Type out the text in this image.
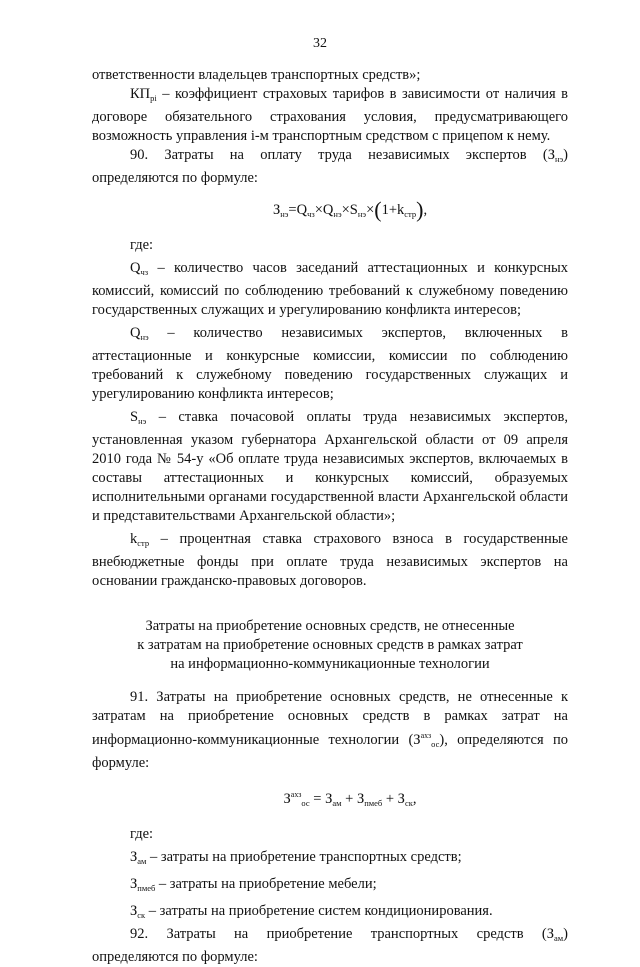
32

ответственности владельцев транспортных средств»;

$КП_{pi}$ – коэффициент страховых тарифов в зависимости от наличия в договоре обязательного страхования условия, предусматривающего возможность управления i-м транспортным средством с прицепом к нему.

90. Затраты на оплату труда независимых экспертов $(З_{нэ})$ определяются по формуле:

$З_{нэ}=Q_{чз}\times Q_{нэ}\times S_{нэ}\times(1+k_{стр})$,
где:

$Q_{чз}$ – количество часов заседаний аттестационных и конкурсных комиссий, комиссий по соблюдению требований к служебному поведению государственных служащих и урегулированию конфликта интересов;

$Q_{нэ}$ – количество независимых экспертов, включенных в аттестационные и конкурсные комиссии, комиссии по соблюдению требований к служебному поведению государственных служащих и урегулированию конфликта интересов;

$S_{нэ}$ – ставка почасовой оплаты труда независимых экспертов, установленная указом губернатора Архангельской области от 09 апреля 2010 года № 54-у «Об оплате труда независимых экспертов, включаемых в составы аттестационных и конкурсных комиссий, образуемых исполнительными органами государственной власти Архангельской области и представительствами Архангельской области»;

$k_{стр}$ – процентная ставка страхового взноса в государственные внебюджетные фонды при оплате труда независимых экспертов на основании гражданско-правовых договоров.

Затраты на приобретение основных средств, не отнесенные
к затратам на приобретение основных средств в рамках затрат
на информационно-коммуникационные технологии

91. Затраты на приобретение основных средств, не отнесенные к затратам на приобретение основных средств в рамках затрат на информационно-коммуникационные технологии $(З^{ахз}_{ос})$, определяются по формуле:

$З^{ахз}_{ос} = З_{ам} + З_{пмеб} + З_{ск}$,
где:

$З_{ам}$ – затраты на приобретение транспортных средств;

$З_{пмеб}$ – затраты на приобретение мебели;

$З_{ск}$ – затраты на приобретение систем кондиционирования.

92. Затраты на приобретение транспортных средств $(З_{ам})$ определяются по формуле:
